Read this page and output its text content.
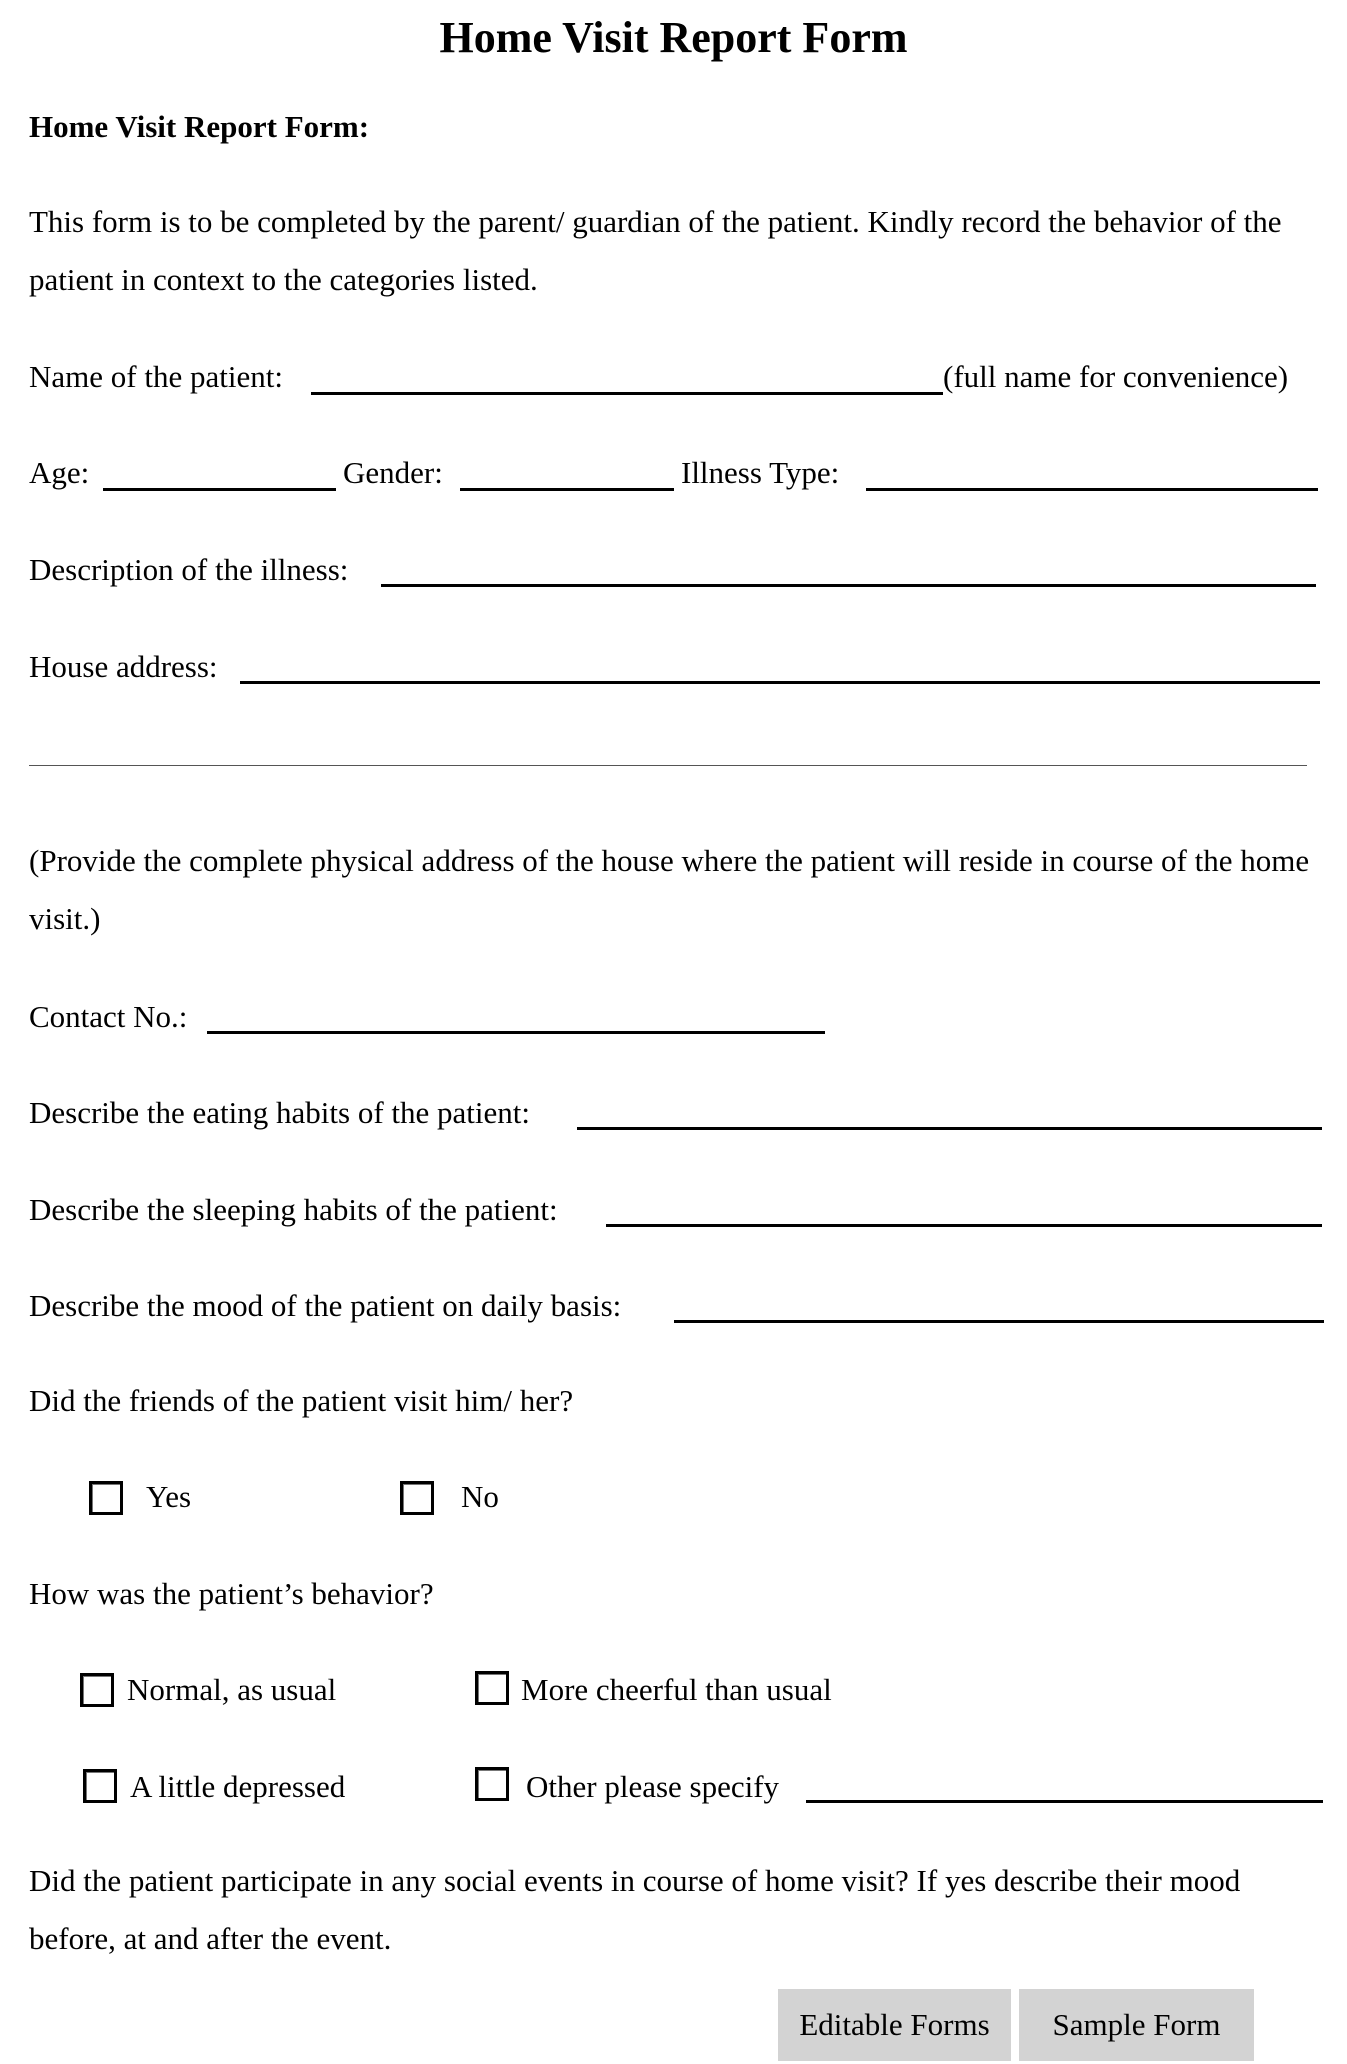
Home Visit Report Form
Home Visit Report Form:
This form is to be completed by the parent/ guardian of the patient. Kindly record the behavior of the patient in context to the categories listed.
Name of the patient:	(full name for convenience)
Age:	Gender:	Illness Type:
Description of the illness:
House address:
(Provide the complete physical address of the house where the patient will reside in course of the home visit.)
Contact No.:
Describe the eating habits of the patient:
Describe the sleeping habits of the patient:
Describe the mood of the patient on daily basis:
Did the friends of the patient visit him/ her?
Yes	No
How was the patient’s behavior?
Normal, as usual	More cheerful than usual
A little depressed	Other please specify
Did the patient participate in any social events in course of home visit? If yes describe their mood before, at and after the event.
Editable Forms	Sample Form
